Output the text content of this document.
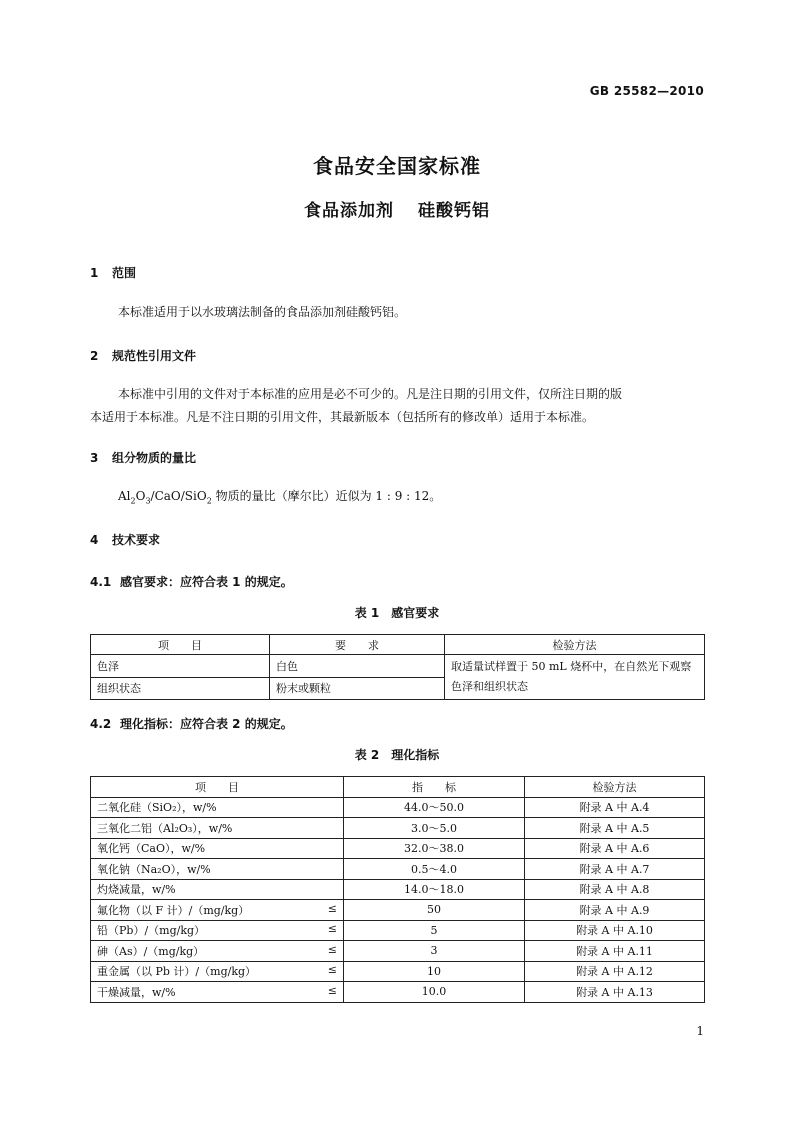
GB 25582—2010
食品安全国家标准
食品添加剂 硅酸钙铝
1 范围
本标准适用于以水玻璃法制备的食品添加剂硅酸钙铝。
2 规范性引用文件
本标准中引用的文件对于本标准的应用是必不可少的。凡是注日期的引用文件，仅所注日期的版
本适用于本标准。凡是不注日期的引用文件，其最新版本（包括所有的修改单）适用于本标准。
3 组分物质的量比
$Al_2O_3/CaO/SiO_2$ 物质的量比（摩尔比）近似为 1 : 9 : 12。
4 技术要求
4.1 感官要求：应符合表 1 的规定。
表 1　感官要求
项　　目	要　　求	检验方法
色泽	白色	取适量试样置于 50 mL 烧杯中，在自然光下观察色泽和组织状态
组织状态	粉末或颗粒	
4.2 理化指标：应符合表 2 的规定。
表 2　理化指标
项　　目	指　　标	检验方法
二氧化硅（SiO₂），w/%	44.0～50.0	附录 A 中 A.4
三氧化二铝（Al₂O₃），w/%	3.0～5.0	附录 A 中 A.5
氧化钙（CaO），w/%	32.0～38.0	附录 A 中 A.6
氧化钠（Na₂O），w/%	0.5～4.0	附录 A 中 A.7
灼烧减量，w/%	14.0～18.0	附录 A 中 A.8
氟化物（以 F 计）/（mg/kg） ≤	50	附录 A 中 A.9
铅（Pb）/（mg/kg） ≤	5	附录 A 中 A.10
砷（As）/（mg/kg） ≤	3	附录 A 中 A.11
重金属（以 Pb 计）/（mg/kg） ≤	10	附录 A 中 A.12
干燥减量，w/% ≤	10.0	附录 A 中 A.13
1
